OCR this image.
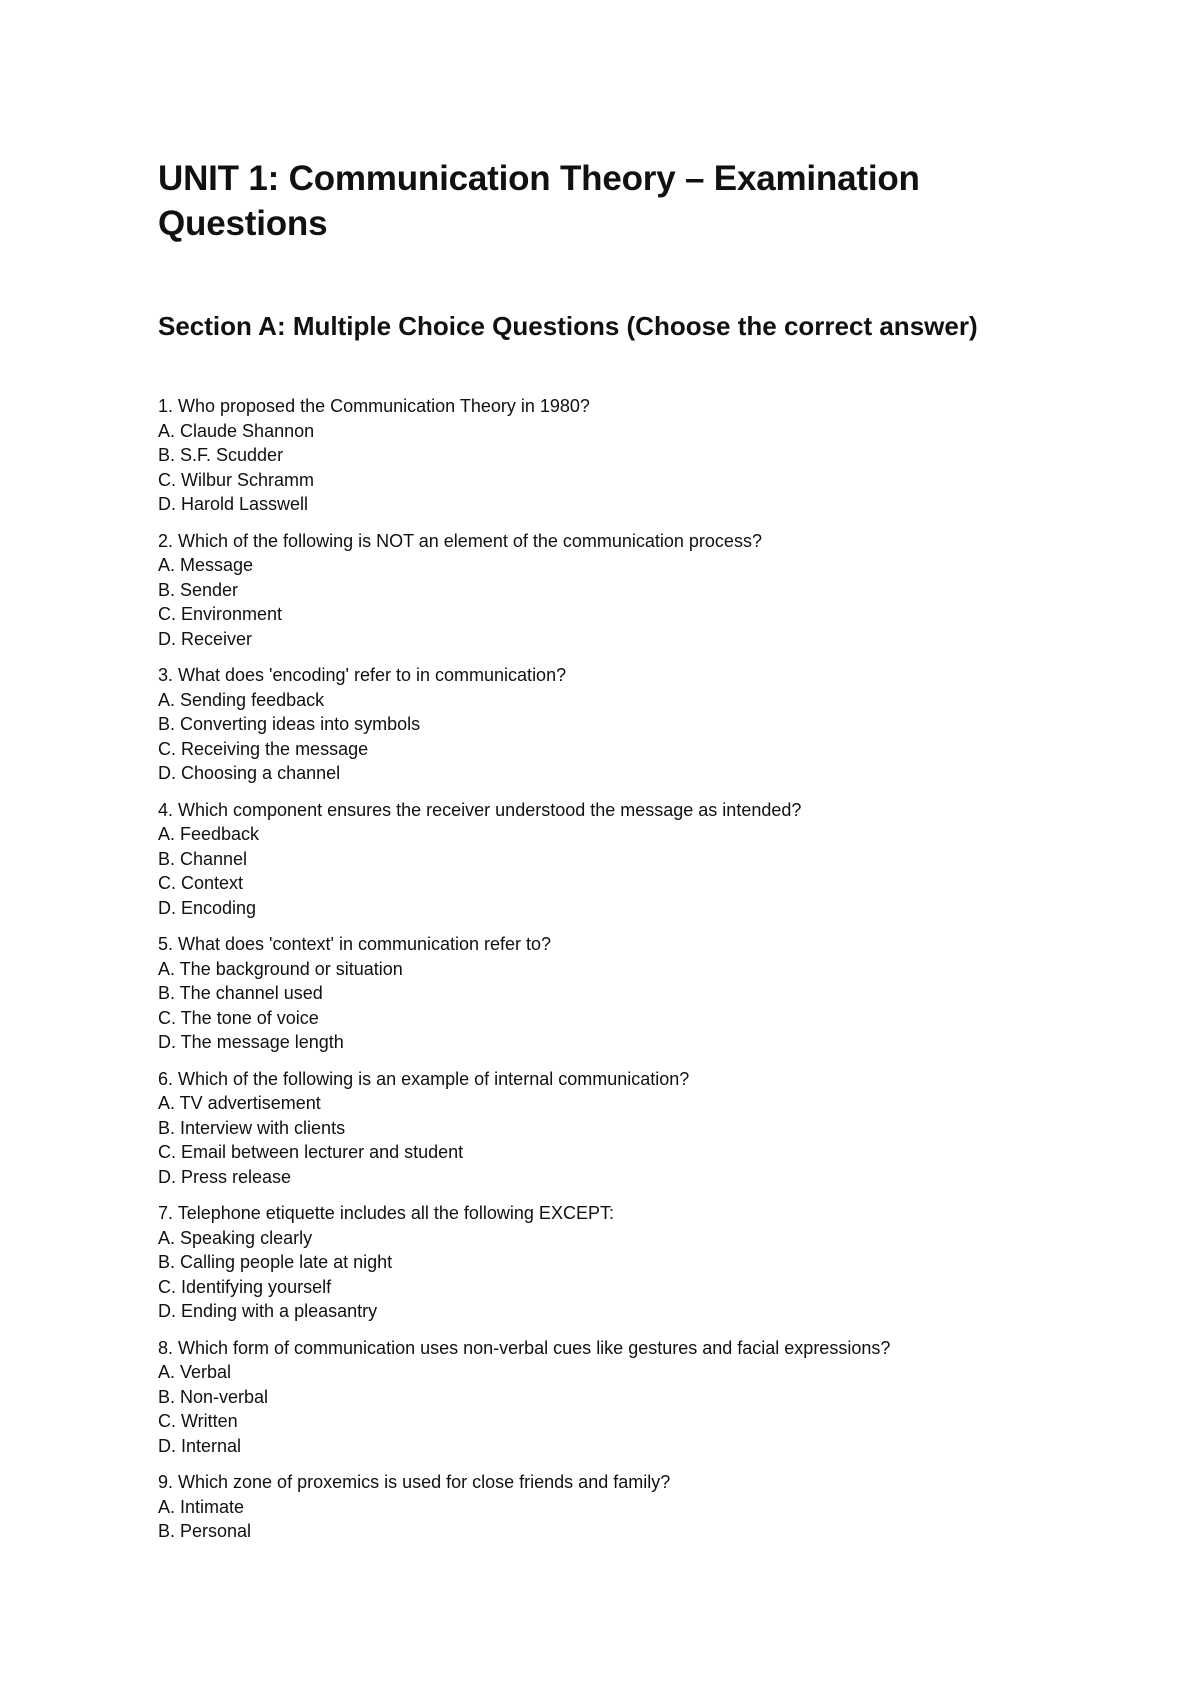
UNIT 1: Communication Theory – Examination Questions
Section A: Multiple Choice Questions (Choose the correct answer)

1. Who proposed the Communication Theory in 1980?

A. Claude Shannon

B. S.F. Scudder

C. Wilbur Schramm

D. Harold Lasswell

2. Which of the following is NOT an element of the communication process?

A. Message

B. Sender

C. Environment

D. Receiver

3. What does 'encoding' refer to in communication?

A. Sending feedback

B. Converting ideas into symbols

C. Receiving the message

D. Choosing a channel

4. Which component ensures the receiver understood the message as intended?

A. Feedback

B. Channel

C. Context

D. Encoding

5. What does 'context' in communication refer to?

A. The background or situation

B. The channel used

C. The tone of voice

D. The message length

6. Which of the following is an example of internal communication?

A. TV advertisement

B. Interview with clients

C. Email between lecturer and student

D. Press release

7. Telephone etiquette includes all the following EXCEPT:

A. Speaking clearly

B. Calling people late at night

C. Identifying yourself

D. Ending with a pleasantry

8. Which form of communication uses non-verbal cues like gestures and facial expressions?

A. Verbal

B. Non-verbal

C. Written

D. Internal

9. Which zone of proxemics is used for close friends and family?

A. Intimate

B. Personal
